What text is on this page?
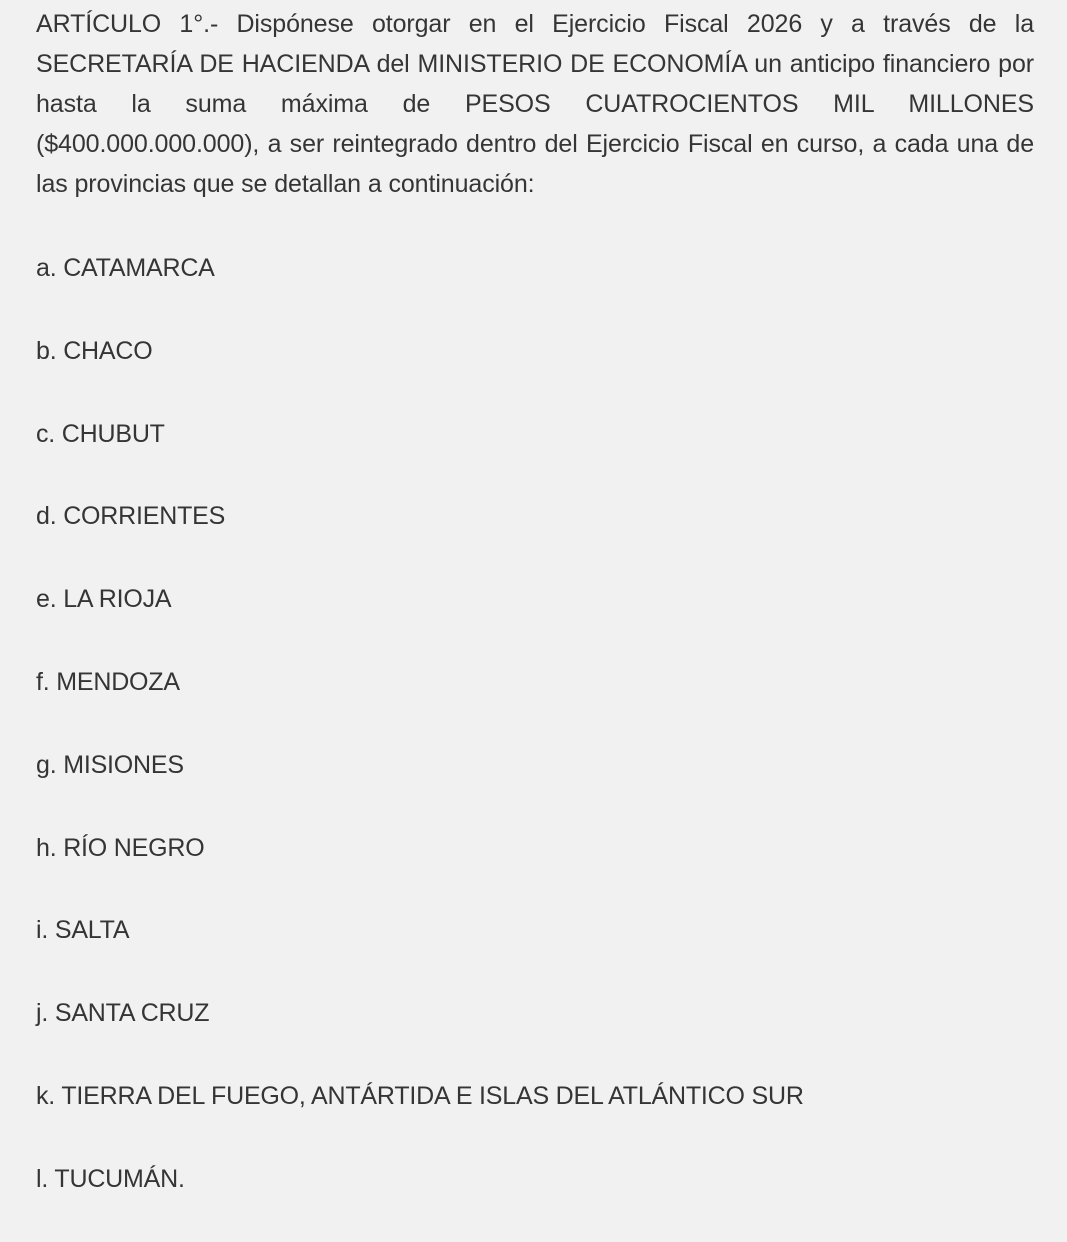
ARTÍCULO 1°.- Dispónese otorgar en el Ejercicio Fiscal 2026 y a través de la SECRETARÍA DE HACIENDA del MINISTERIO DE ECONOMÍA un anticipo financiero por hasta la suma máxima de PESOS CUATROCIENTOS MIL MILLONES ($400.000.000.000), a ser reintegrado dentro del Ejercicio Fiscal en curso, a cada una de las provincias que se detallan a continuación:

a. CATAMARCA
b. CHACO
c. CHUBUT
d. CORRIENTES
e. LA RIOJA
f. MENDOZA
g. MISIONES
h. RÍO NEGRO
i. SALTA
j. SANTA CRUZ
k. TIERRA DEL FUEGO, ANTÁRTIDA E ISLAS DEL ATLÁNTICO SUR
l. TUCUMÁN.
